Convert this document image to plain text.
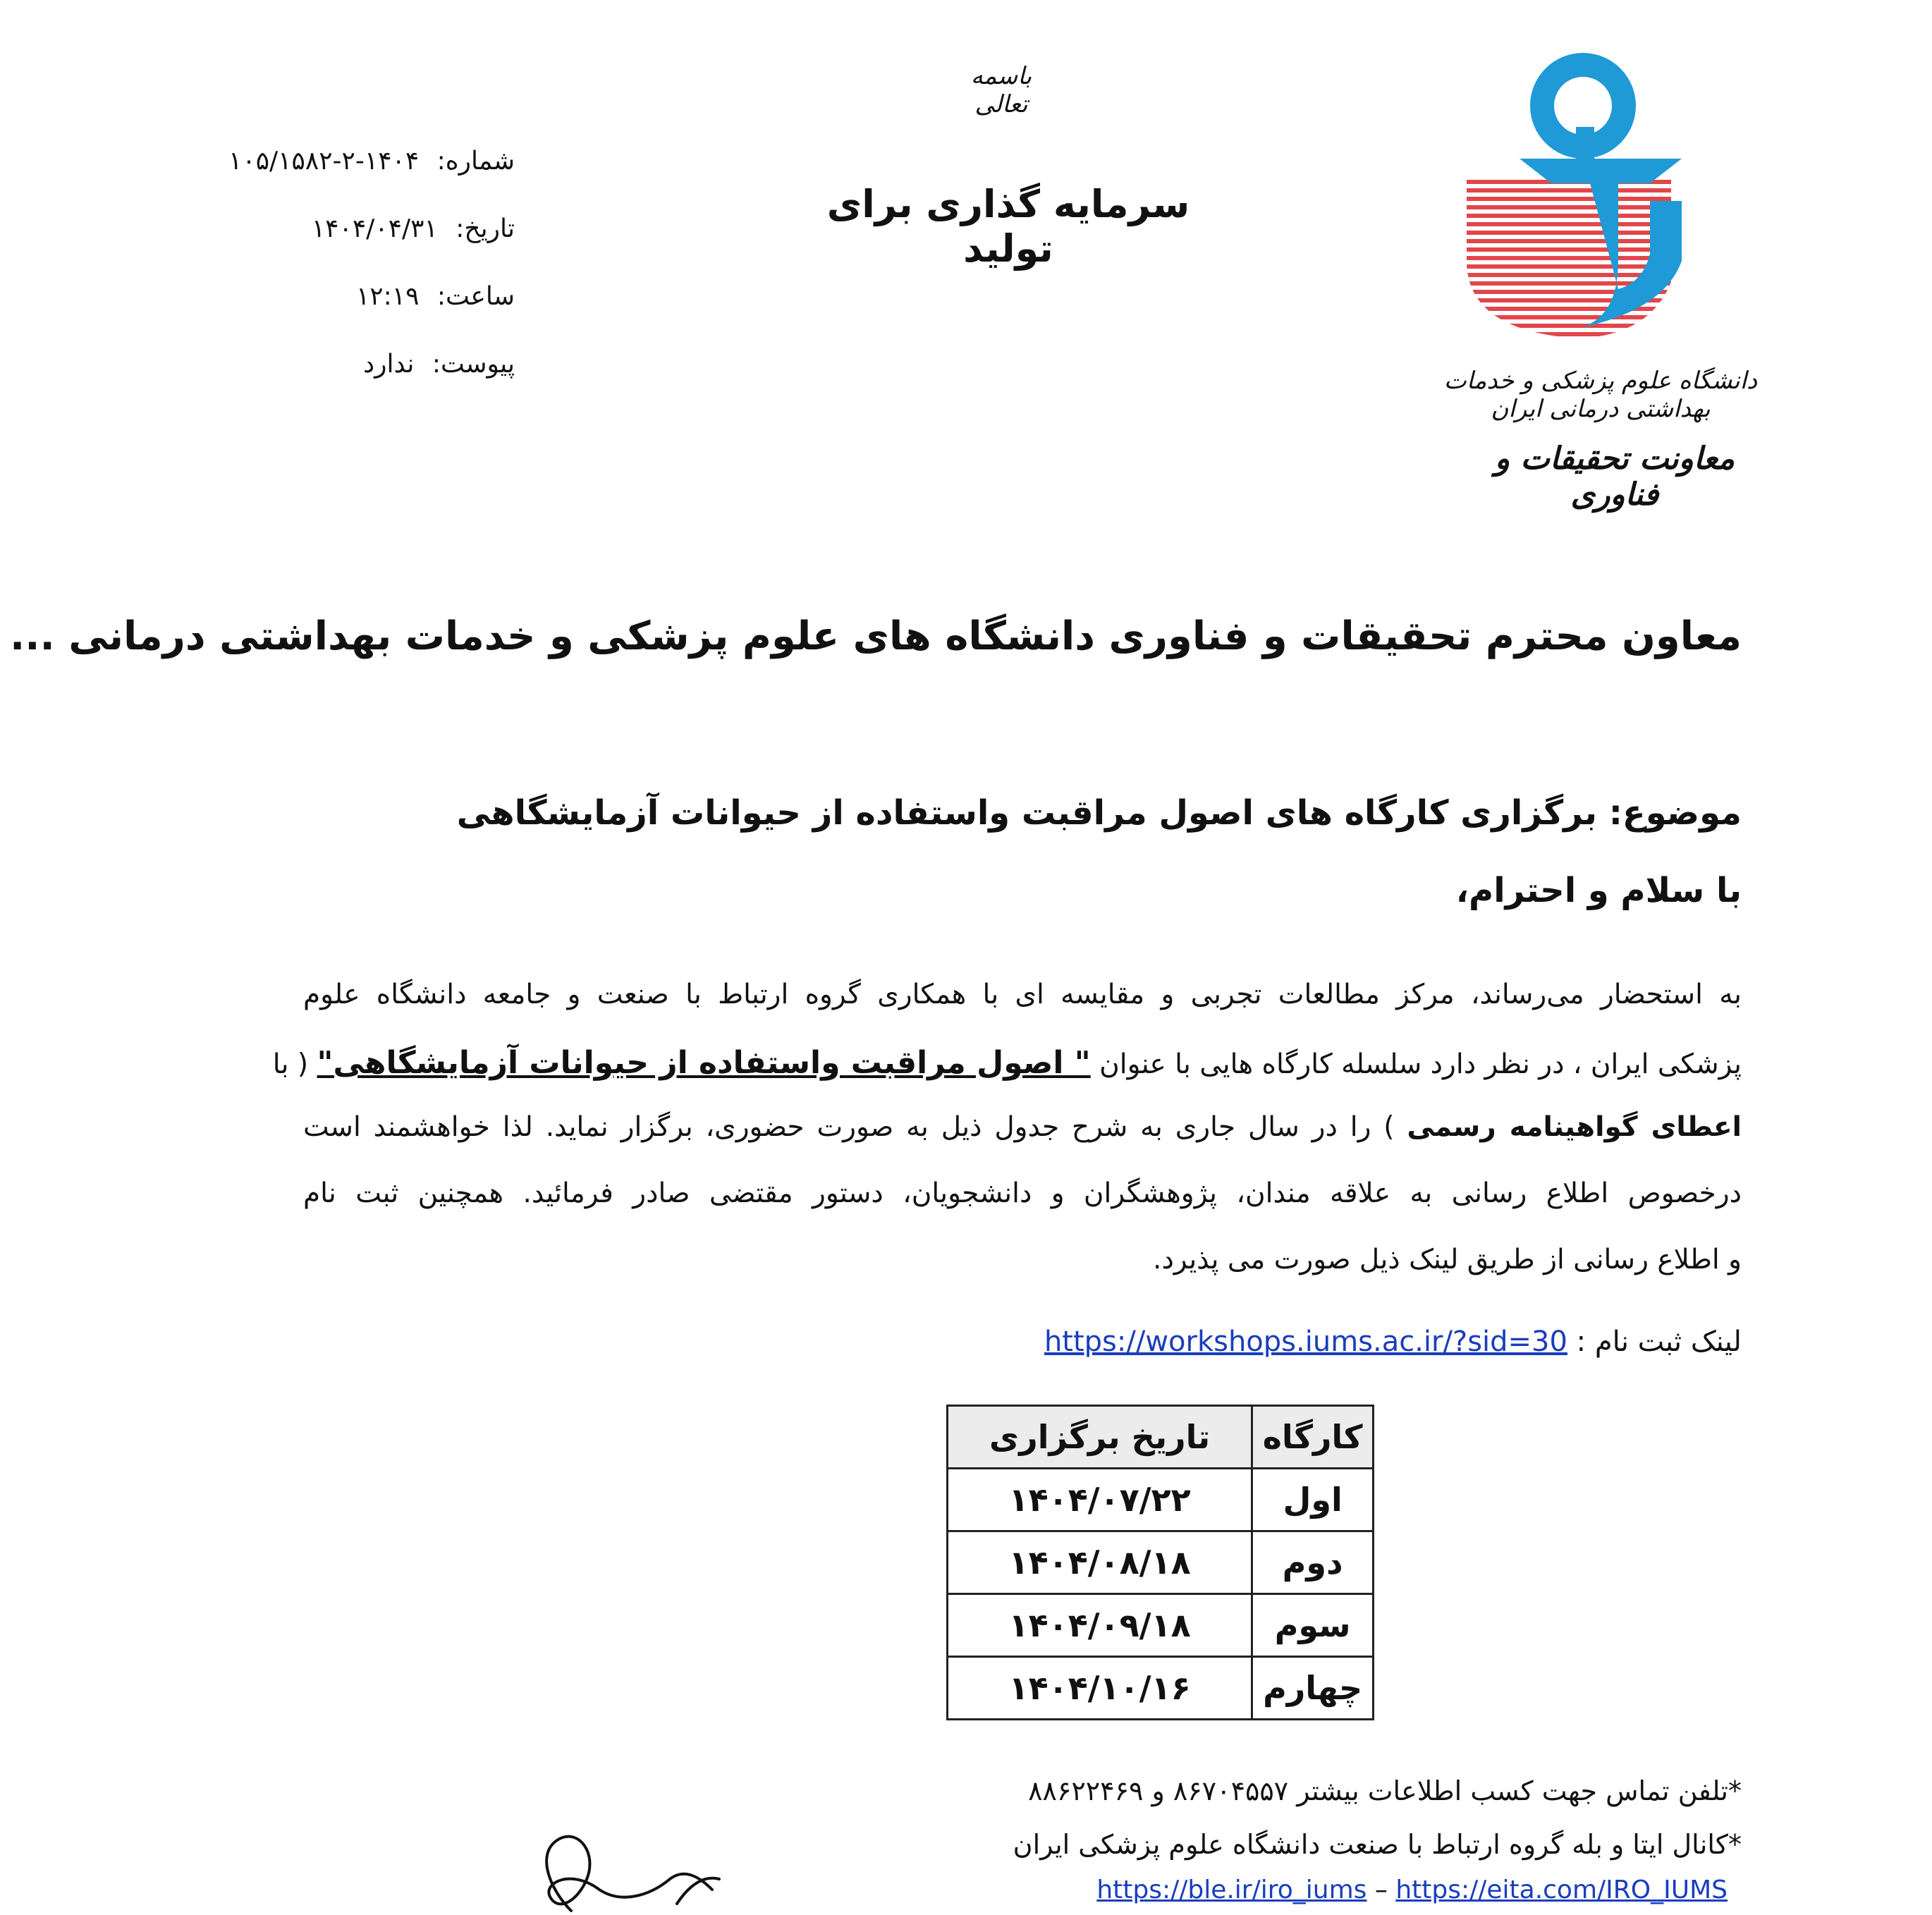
باسمه تعالی
سرمایه گذاری برای تولید
شماره: ۱۴۰۴-۲-۱۰۵/۱۵۸۲
تاریخ: ۱۴۰۴/۰۴/۳۱
ساعت: ۱۲:۱۹
پیوست: ندارد
دانشگاه علوم پزشکی و خدمات بهداشتی درمانی ایران
معاونت تحقیقات و فناوری
معاون محترم تحقیقات و فناوری دانشگاه های علوم پزشکی و خدمات بهداشتی درمانی ...
موضوع: برگزاری کارگاه های اصول مراقبت واستفاده از حیوانات آزمایشگاهی
با سلام و احترام،
به استحضار می‌رساند، مرکز مطالعات تجربی و مقایسه ای با همکاری گروه ارتباط با صنعت و جامعه دانشگاه علوم
پزشکی ایران ، در نظر دارد سلسله کارگاه هایی با عنوان " اصول مراقبت واستفاده از حیوانات آزمایشگاهی" ( با
اعطای گواهینامه رسمی ) را در سال جاری به شرح جدول ذیل به صورت حضوری، برگزار نماید. لذا خواهشمند است
درخصوص اطلاع رسانی به علاقه مندان، پژوهشگران و دانشجویان، دستور مقتضی صادر فرمائید. همچنین ثبت نام
و اطلاع رسانی از طریق لینک ذیل صورت می پذیرد.
لینک ثبت نام : https://workshops.iums.ac.ir/?sid=30
کارگاه	تاریخ برگزاری
اول	۱۴۰۴/۰۷/۲۲
دوم	۱۴۰۴/۰۸/۱۸
سوم	۱۴۰۴/۰۹/۱۸
چهارم	۱۴۰۴/۱۰/۱۶
*تلفن تماس جهت کسب اطلاعات بیشتر ۸۶۷۰۴۵۵۷ و ۸۸۶۲۲۴۶۹
*کانال ایتا و بله گروه ارتباط با صنعت دانشگاه علوم پزشکی ایران
https://ble.ir/iro_iums – https://eita.com/IRO_IUMS
